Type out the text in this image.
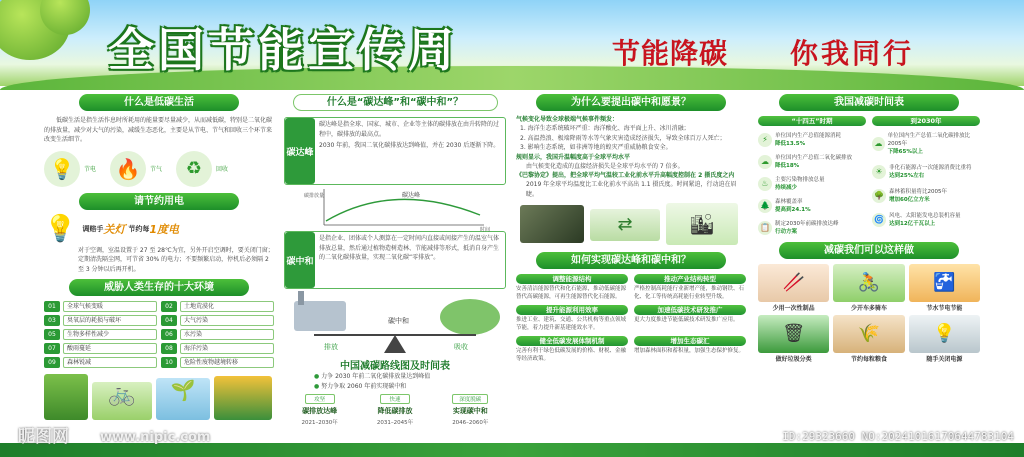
全国节能宣传周	节能降碳 你我同行
什么是低碳生活
低碳生活是指生活作息时所耗用的能量要尽量减少，从而减低碳，特别是二氧化碳的排放量，减少对大气的污染，减缓生态恶化，主要是从节电、节气和回收三个环节来改变生活细节。
💡	节电 🔥	节气	♻	回收
请节约用电
💡 调赔手 关灯 节约每 1度电
对于空调，室温设置于 27 至 28℃为宜，另外开启空调时，要关闭门窗；定期清洗隔尘网，可节省 30% 的电力；不要频繁启动，停机后必须隔 2 至 3 分钟以后再开机。
威胁人类生存的十大环境
01	全球气候变暖	02	土地荒漠化
03	臭氧层的耗损与破坏	04	大气污染
05	生物多样性减少	06	水污染
07	酸雨蔓延	08	海洋污染
09	森林锐减	10	危险性废物越境转移
🚲	🌱
什么是“碳达峰”和“碳中和”？
碳达峰
碳达峰是指全球、国家、城市、企业等主体的碳排放在由升转降的过程中，碳排放的最高点。
2030 年前，我国二氧化碳排放达到峰值，并在 2030 后逐渐下降。
碳达峰
碳排放量
时间
碳中和
是指企业、团体或个人测算在一定时间内直接或间接产生的温室气体排放总量，然后通过植物造树造林、节能减排等形式，抵消自身产生的二氧化碳排放量，实现二氧化碳“零排放”。
碳中和
排放	吸收
中国减碳路线图及时间表
● 力争 2030 年前二氧化碳排放量达到峰值
● 努力争取 2060 年前实现碳中和
攻坚
碳排放达峰
2021–2030年
快速
降低碳排放
2031–2045年
深度脱碳
实现碳中和
2046–2060年
为什么要提出碳中和愿景？
气候变化导致全球极端气候事件频发：
1. 海洋生态系统破坏严重：海洋酸化、海平面上升、冰川消融；
2. 高温热浪、极端降雨等水等气象灾害造成经济损失，导致全球百万人死亡；
3. 影响生态系统，如非洲等地的蝗灾严重威胁粮食安全。
规则显示，我国升温幅度高于全球平均水平
由气候变化造成的直接经济损失是全球平均水平的 7 倍多。
《巴黎协定》提出，把全球平均气温较工业化前水平升高幅度控制在 2 摄氏度之内
2019 年全球平均温度比工业化前水平高出 1.1 摄氏度。时间紧迫，行动迫在眉睫。
⇄	🏙
如何实现碳达峰和碳中和？
调整能源结构
安善清洁能源替代和化石能源，推动低碳能源替代高碳能源，可再生能源替代化石能源。
推动产业结构转型
严格控制高耗能行业新增产能，推动钢铁、石化、化工等传统高耗能行业转型升级。
提升能源利用效率
推进工业、建筑、交通、公共机构等重点领域节能，着力提升新基建能效水平。
加速低碳技术研发推广
更大力度推进节能低碳技术研发推广应用。
健全低碳发展体制机制
完善有利于绿色低碳发展的价格、财税、金融等经济政策。
增加生态碳汇
增加森林面积和蓄积量，加强生态保护修复。
我国减碳时间表
“十四五”时期
⚡	单位国内生产总值能源消耗
降低13.5%
☁	单位国内生产总值二氧化碳排放
降低18%
♨	主要污染物排放总量
持续减少
🌲 森林覆盖率
提高到24.1%
📋 制定2030年前碳排放达峰
行动方案
到2030年
☁
单位国内生产总值二氧化碳排放比2005年
下降65%以上
☀	非化石能源占一次能源消费比重将
达到25%左右
🌳 森林蓄积量将比2005年
增加60亿立方米
🌀 风电、太阳能发电总装机容量
达到12亿千瓦以上
减碳我们可以这样做
🥢
少用一次性制品
🚴
少开车多骑车
🚰
节水节电节能
🗑
做好垃圾分类
🌾
节约每粒粮食
💡
随手关闭电源
昵图网 www.nipic.com	ID:29323660 NO:20241016170644783104
